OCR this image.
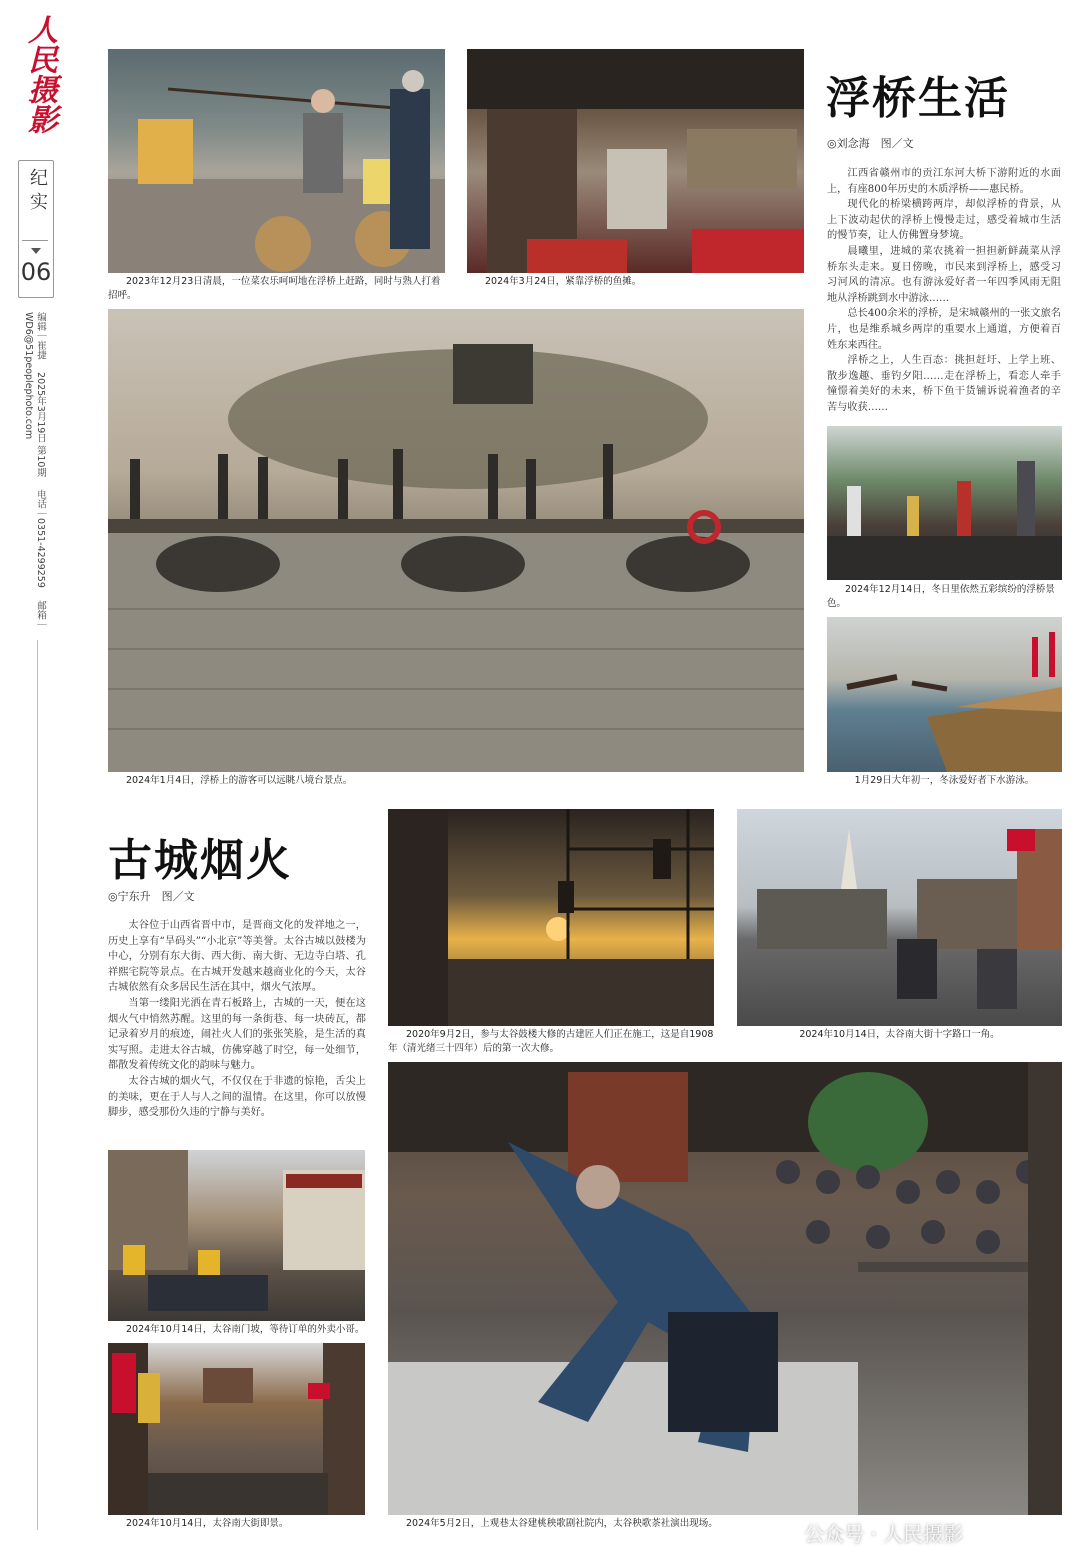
人民摄影
纪实
06
编辑｜崔捷　 2025年3月19日 第10期　 电话｜0351-4299259　 邮箱｜WD6@51peoplephoto.com
2023年12月23日清晨，一位菜农乐呵呵地在浮桥上赶路，同时与熟人打着招呼。
2024年3月24日，紧靠浮桥的鱼摊。
浮桥生活
◎刘念海　图／文

江西省赣州市的贡江东河大桥下游附近的水面上，有座800年历史的木质浮桥——惠民桥。

现代化的桥梁横跨两岸，却似浮桥的背景，从上下波动起伏的浮桥上慢慢走过，感受着城市生活的慢节奏，让人仿佛置身梦境。

晨曦里，进城的菜农挑着一担担新鲜蔬菜从浮桥东头走来。夏日傍晚，市民来到浮桥上，感受习习河风的清凉。也有游泳爱好者一年四季风雨无阻地从浮桥跳到水中游泳……

总长400余米的浮桥，是宋城赣州的一张文旅名片，也是维系城乡两岸的重要水上通道，方便着百姓东来西往。

浮桥之上，人生百态：挑担赶圩、上学上班、散步逸趣、垂钓夕阳……走在浮桥上，看恋人牵手憧憬着美好的未来，桥下鱼干货铺诉说着渔者的辛苦与收获……

2024年1月4日，浮桥上的游客可以远眺八境台景点。
2024年12月14日，冬日里依然五彩缤纷的浮桥景色。
1月29日大年初一，冬泳爱好者下水游泳。
古城烟火
◎宁东升　图／文

太谷位于山西省晋中市，是晋商文化的发祥地之一，历史上享有“旱码头”“小北京”等美誉。太谷古城以鼓楼为中心，分别有东大街、西大街、南大街、无边寺白塔、孔祥熙宅院等景点。在古城开发越来越商业化的今天，太谷古城依然有众多居民生活在其中，烟火气浓厚。

当第一缕阳光洒在青石板路上，古城的一天，便在这烟火气中悄然苏醒。这里的每一条街巷、每一块砖瓦，都记录着岁月的痕迹，闹社火人们的张张笑脸，是生活的真实写照。走进太谷古城，仿佛穿越了时空，每一处细节，都散发着传统文化的韵味与魅力。

太谷古城的烟火气，不仅仅在于非遗的惊艳，舌尖上的美味，更在于人与人之间的温情。在这里，你可以放慢脚步，感受那份久违的宁静与美好。

2020年9月2日，参与太谷鼓楼大修的古建匠人们正在施工，这是自1908年（清光绪三十四年）后的第一次大修。
2024年10月14日，太谷南大街十字路口一角。
2024年10月14日，太谷南门坡，等待订单的外卖小哥。
2024年10月14日，太谷南大街即景。	2024年5月2日，上观巷太谷建桃秧歌剧社院内，太谷秧歌茶社演出现场。	公众号 · 人民摄影
